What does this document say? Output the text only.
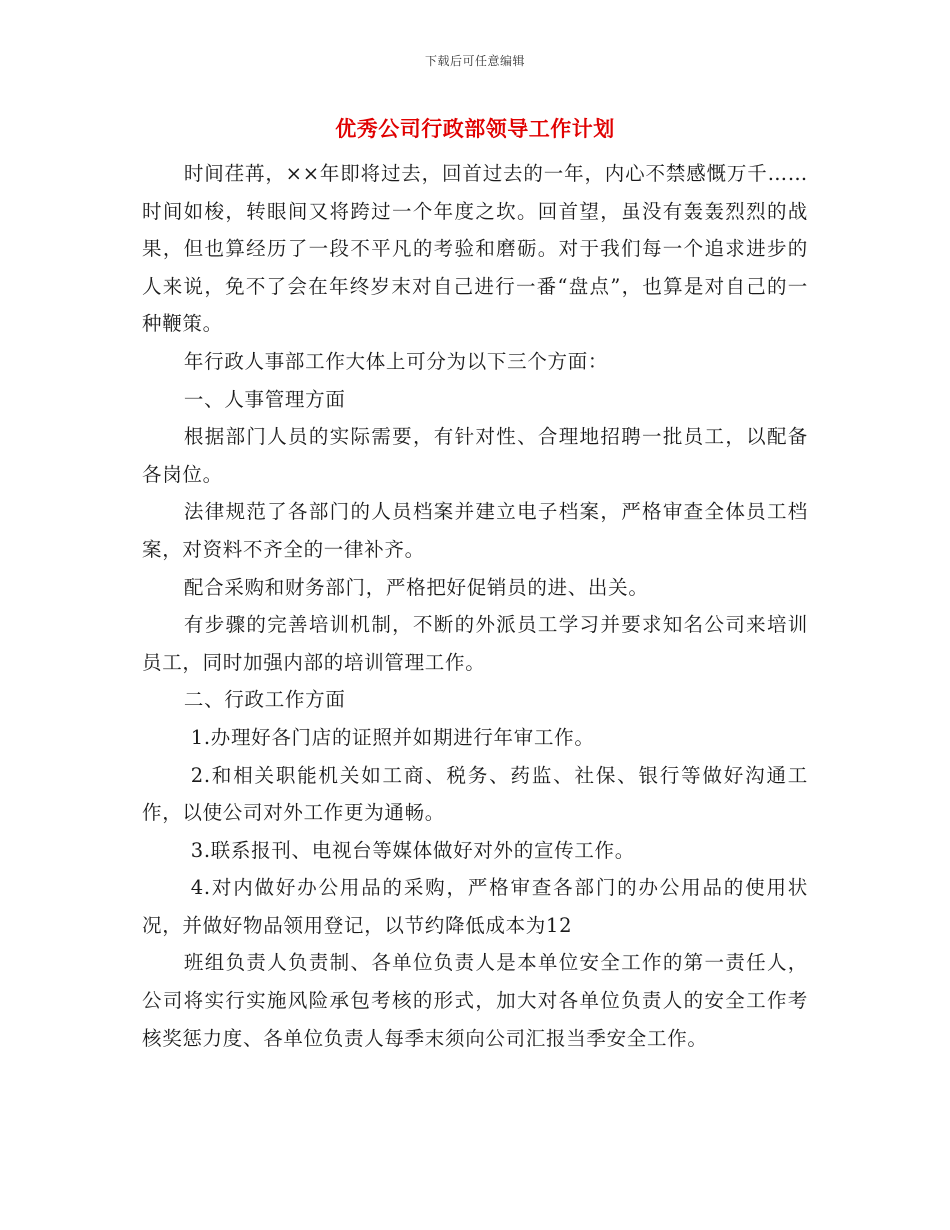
下载后可任意编辑
优秀公司行政部领导工作计划

时间荏苒，××年即将过去，回首过去的一年，内心不禁感慨万千……时间如梭，转眼间又将跨过一个年度之坎。回首望，虽没有轰轰烈烈的战果，但也算经历了一段不平凡的考验和磨砺。对于我们每一个追求进步的人来说，免不了会在年终岁末对自己进行一番“盘点”，也算是对自己的一种鞭策。

年行政人事部工作大体上可分为以下三个方面：

一、人事管理方面

根据部门人员的实际需要，有针对性、合理地招聘一批员工，以配备各岗位。

法律规范了各部门的人员档案并建立电子档案，严格审查全体员工档案，对资料不齐全的一律补齐。

配合采购和财务部门，严格把好促销员的进、出关。

有步骤的完善培训机制，不断的外派员工学习并要求知名公司来培训员工，同时加强内部的培训管理工作。

二、行政工作方面

1.办理好各门店的证照并如期进行年审工作。

2.和相关职能机关如工商、税务、药监、社保、银行等做好沟通工作，以使公司对外工作更为通畅。

3.联系报刊、电视台等媒体做好对外的宣传工作。

4.对内做好办公用品的采购，严格审查各部门的办公用品的使用状况，并做好物品领用登记，以节约降低成本为12

班组负责人负责制、各单位负责人是本单位安全工作的第一责任人，公司将实行实施风险承包考核的形式，加大对各单位负责人的安全工作考核奖惩力度、各单位负责人每季末须向公司汇报当季安全工作。
